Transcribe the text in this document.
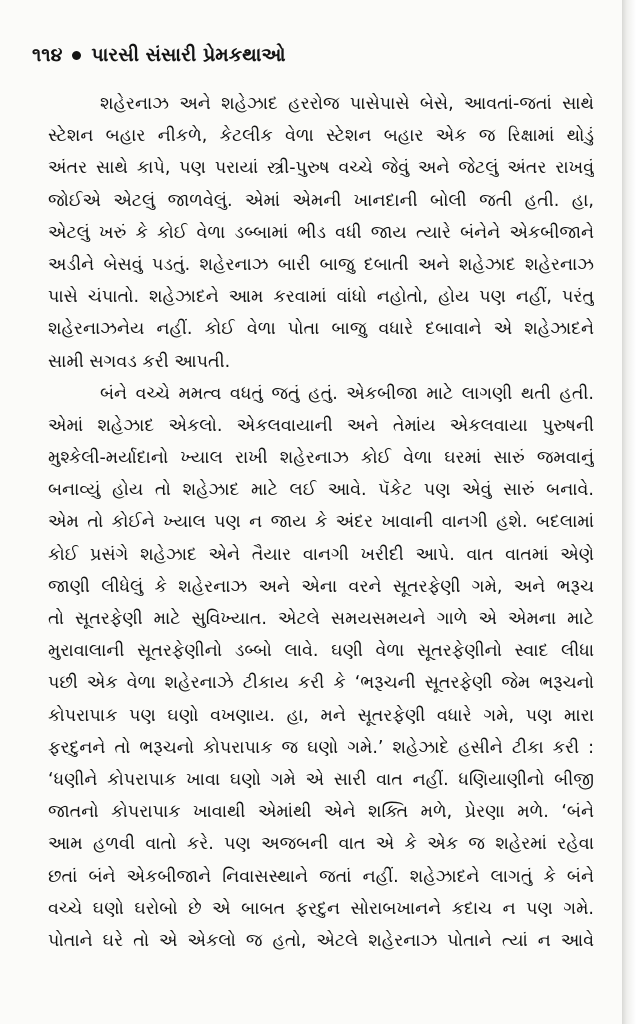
૧૧૪ પારસી સંસારી પ્રેમકથાઓ
શહેરનાઝ અને શહેઝાદ હરરોજ પાસેપાસે બેસે, આવતાં-જતાં સાથે
સ્ટેશન બહાર નીકળે, કેટલીક વેળા સ્ટેશન બહાર એક જ રિક્ષામાં થોડું
અંતર સાથે કાપે, પણ પરાયાં સ્ત્રી-પુરુષ વચ્ચે જેવું અને જેટલું અંતર રાખવું
જોઈએ એટલું જાળવેલું. એમાં એમની ખાનદાની બોલી જતી હતી. હા,
એટલું ખરું કે કોઈ વેળા ડબ્બામાં ભીડ વધી જાય ત્યારે બંનેને એકબીજાને
અડીને બેસવું પડતું. શહેરનાઝ બારી બાજુ દબાતી અને શહેઝાદ શહેરનાઝ
પાસે ચંપાતો. શહેઝાદને આમ કરવામાં વાંધો નહોતો, હોય પણ નહીં, પરંતુ
શહેરનાઝનેય નહીં. કોઈ વેળા પોતા બાજુ વધારે દબાવાને એ શહેઝાદને
સામી સગવડ કરી આપતી.
બંને વચ્ચે મમત્વ વધતું જતું હતું. એકબીજા માટે લાગણી થતી હતી.
એમાં શહેઝાદ એકલો. એકલવાયાની અને તેમાંય એકલવાયા પુરુષની
મુશ્કેલી-મર્યાદાનો ખ્યાલ રાખી શહેરનાઝ કોઈ વેળા ઘરમાં સારું જમવાનું
બનાવ્યું હોય તો શહેઝાદ માટે લઈ આવે. પૅકેટ પણ એવું સારું બનાવે.
એમ તો કોઈને ખ્યાલ પણ ન જાય કે અંદર ખાવાની વાનગી હશે. બદલામાં
કોઈ પ્રસંગે શહેઝાદ એને તૈયાર વાનગી ખરીદી આપે. વાત વાતમાં એણે
જાણી લીધેલું કે શહેરનાઝ અને એના વરને સૂતરફેણી ગમે, અને ભરૂચ
તો સૂતરફેણી માટે સુવિખ્યાત. એટલે સમયસમયને ગાળે એ એમના માટે
મુરાવાલાની સૂતરફેણીનો ડબ્બો લાવે. ઘણી વેળા સૂતરફેણીનો સ્વાદ લીધા
પછી એક વેળા શહેરનાઝે ટીકાય કરી કે ‘ભરૂચની સૂતરફેણી જેમ ભરૂચનો
કોપરાપાક પણ ઘણો વખણાય. હા, મને સૂતરફેણી વધારે ગમે, પણ મારા
ફરદુનને તો ભરૂચનો કોપરાપાક જ ઘણો ગમે.’ શહેઝાદે હસીને ટીકા કરી :
‘ધણીને કોપરાપાક ખાવા ઘણો ગમે એ સારી વાત નહીં. ધણિયાણીનો બીજી
જાતનો કોપરાપાક ખાવાથી એમાંથી એને શક્તિ મળે, પ્રેરણા મળે. ‘બંને
આમ હળવી વાતો કરે. પણ અજબની વાત એ કે એક જ શહેરમાં રહેવા
છતાં બંને એકબીજાને નિવાસસ્થાને જતાં નહીં. શહેઝાદને લાગતું કે બંને
વચ્ચે ઘણો ઘરોબો છે એ બાબત ફરદુન સોરાબખાનને કદાચ ન પણ ગમે.
પોતાને ઘરે તો એ એકલો જ હતો, એટલે શહેરનાઝ પોતાને ત્યાં ન આવે
